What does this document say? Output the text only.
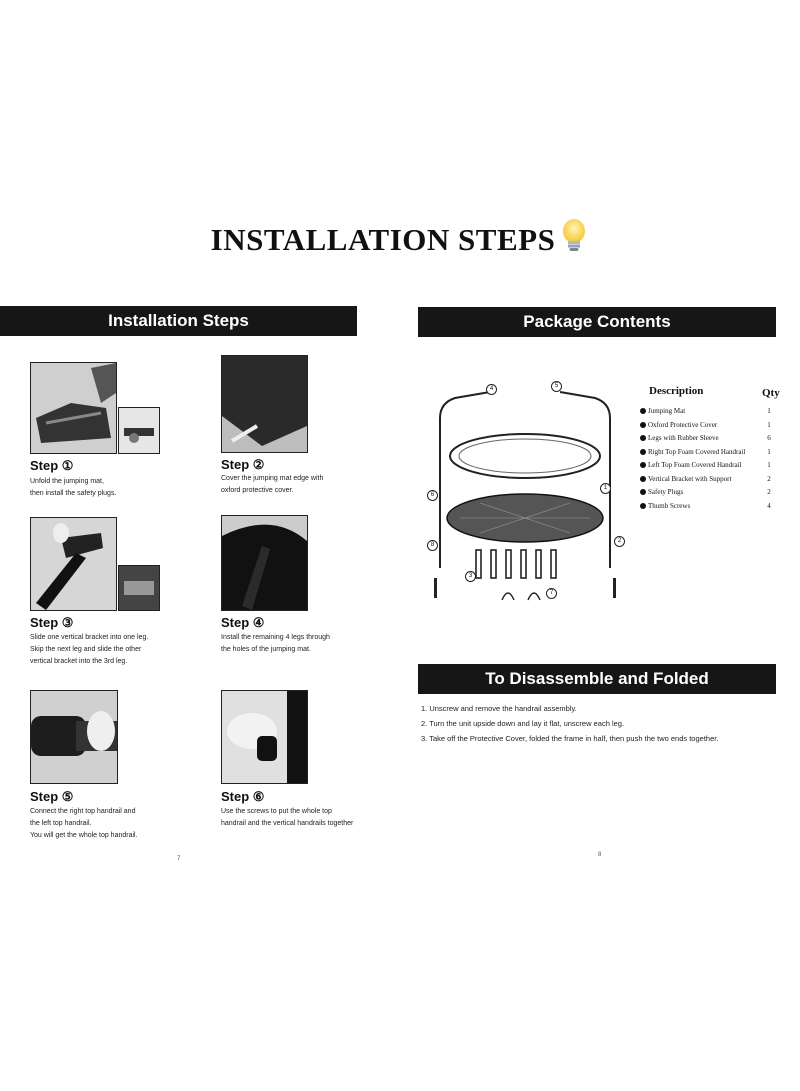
INSTALLATION STEPS
Installation Steps
Step ①
Unfold the jumping mat,
then install the safety plugs.
Step ②
Cover the jumping mat edge with
oxford protective cover.
Step ③
Slide one vertical bracket into one leg.
Skip the next leg and slide the other
vertical bracket into the 3rd leg.
Step ④
Install the remaining 4 legs through
the holes of the jumping mat.
Step ⑤
Connect the right top handrail and
the left top handrail.
You will get the whole top handrail.
Step ⑥
Use the screws to put the whole top
handrail and the vertical handrails together
7
Package Contents
4	5
6
1
2
8
3
7
Description	Qty
Jumping Mat
Oxford Protective Cover
Legs with Rubber Sleeve
Right Top Foam Covered Handrail
Left Top Foam Covered Handrail
Vertical Bracket with Support
Safety Plugs
Thumb Screws
1
1
6
1
1
2
2
4
To Disassemble and Folded
1. Unscrew and remove the handrail assembly.
2. Turn the unit upside down and lay it flat, unscrew each leg.
3. Take off the Protective Cover, folded the frame in half, then push the two ends together.
8
